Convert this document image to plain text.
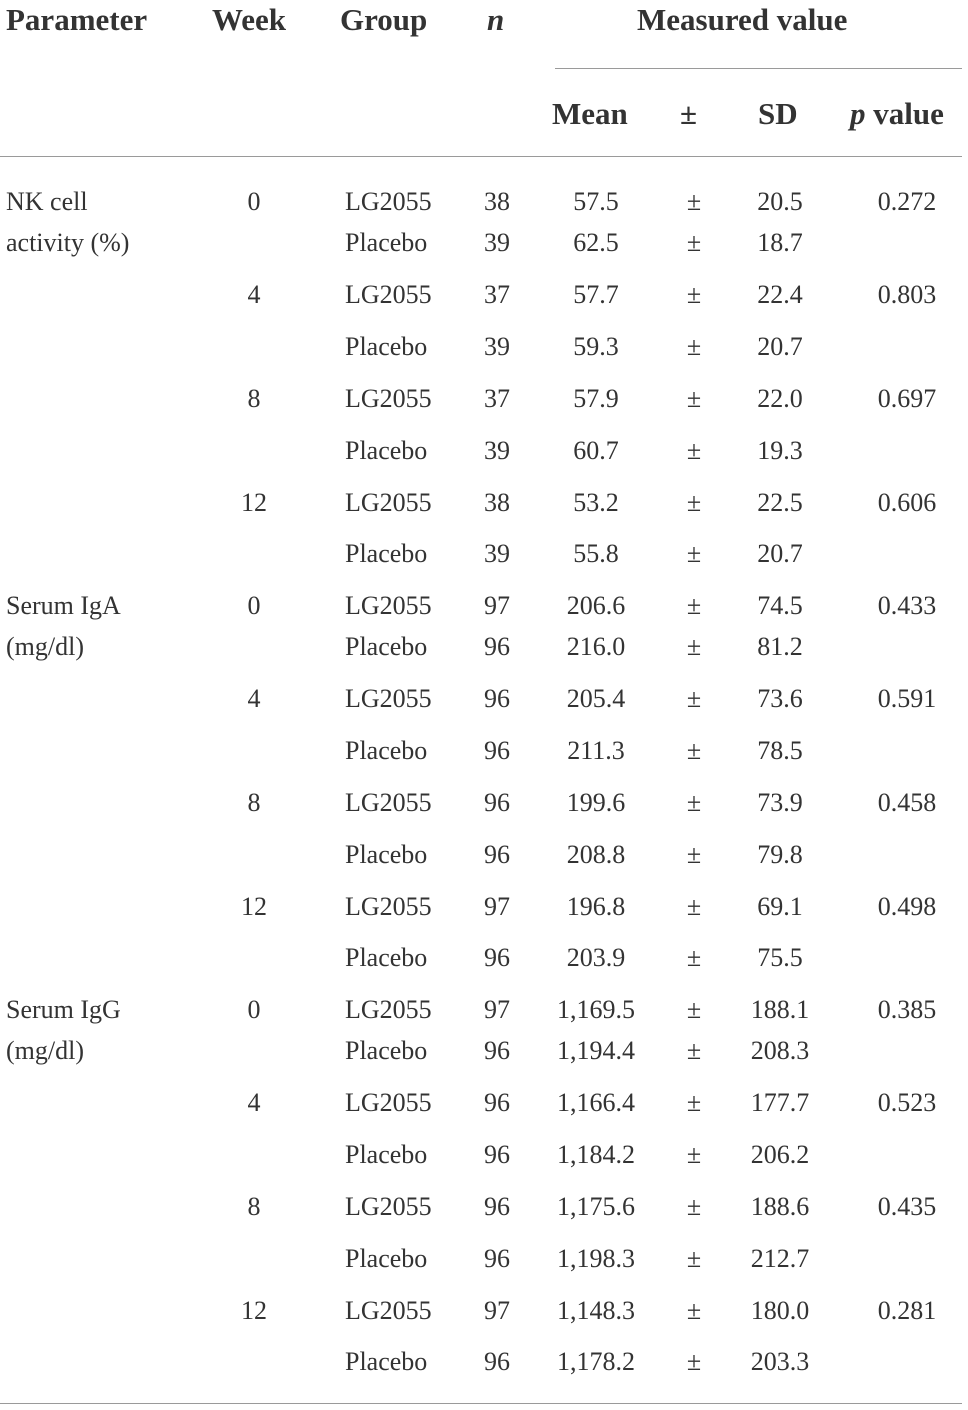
Parameter Week Group n	Measured value
Mean ± SD p value
NK cell
activity (%)
0	LG2055 38 57.5	± 20.5	0.272
Placebo 39 62.5	± 18.7
4	LG2055 37 57.7	± 22.4	0.803
Placebo 39 59.3	± 20.7
8	LG2055 37 57.9	± 22.0	0.697
Placebo 39 60.7	± 19.3
12	LG2055 38 53.2	± 22.5	0.606
Placebo 39 55.8	± 20.7
Serum IgA
(mg/dl)
0	LG2055 97 206.6 ± 74.5	0.433
Placebo 96 216.0 ± 81.2
4	LG2055 96 205.4 ± 73.6	0.591
Placebo 96 211.3 ± 78.5
8	LG2055 96 199.6 ± 73.9	0.458
Placebo 96 208.8 ± 79.8
12	LG2055 97 196.8 ± 69.1	0.498
Placebo 96 203.9 ± 75.5
Serum IgG
(mg/dl)
0	LG2055 97 1,169.5 ± 188.1	0.385
Placebo 96 1,194.4 ± 208.3
4	LG2055 96 1,166.4 ± 177.7	0.523
Placebo 96 1,184.2 ± 206.2
8	LG2055 96 1,175.6 ± 188.6	0.435
Placebo 96 1,198.3 ± 212.7
12	LG2055 97 1,148.3 ± 180.0	0.281
Placebo 96 1,178.2 ± 203.3
